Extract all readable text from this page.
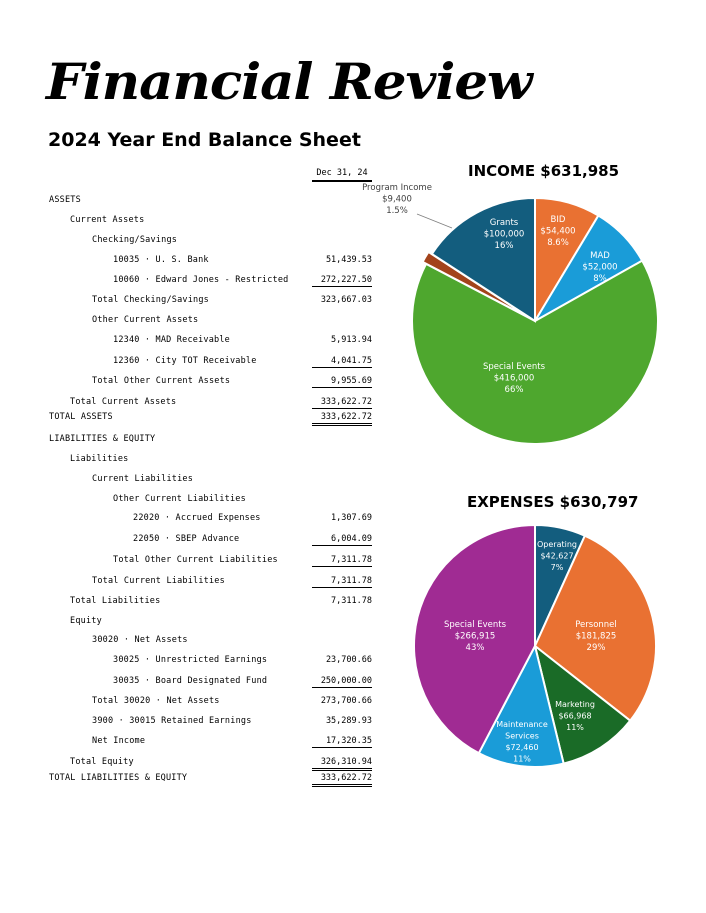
Financial Review
2024 Year End Balance Sheet
Dec 31, 24
ASSETS
Current Assets
Checking/Savings
10035 · U. S. Bank	51,439.53
10060 · Edward Jones - Restricted	272,227.50
Total Checking/Savings	323,667.03
Other Current Assets
12340 · MAD Receivable	5,913.94
12360 · City TOT Receivable	4,041.75
Total Other Current Assets	9,955.69
Total Current Assets	333,622.72
TOTAL ASSETS	333,622.72
LIABILITIES & EQUITY
Liabilities
Current Liabilities
Other Current Liabilities
22020 · Accrued Expenses	1,307.69
22050 · SBEP Advance	6,004.09
Total Other Current Liabilities	7,311.78
Total Current Liabilities	7,311.78
Total Liabilities	7,311.78
Equity
30020 · Net Assets
30025 · Unrestricted Earnings	23,700.66
30035 · Board Designated Fund	250,000.00
Total 30020 · Net Assets	273,700.66
3900 · 30015 Retained Earnings	35,289.93
Net Income	17,320.35
Total Equity	326,310.94
TOTAL LIABILITIES & EQUITY	333,622.72
INCOME $631,985
BID $54,400 8.6%
MAD $52,000 8%
Special Events $416,000 66%
Program Income $9,400 1.5%
Grants $100,000 16%
EXPENSES $630,797
Operating $42,627 7%
Personnel $181,825 29%
Marketing $66,968 11%
Maintenance Services $72,460 11%
Special Events $266,915 43%
